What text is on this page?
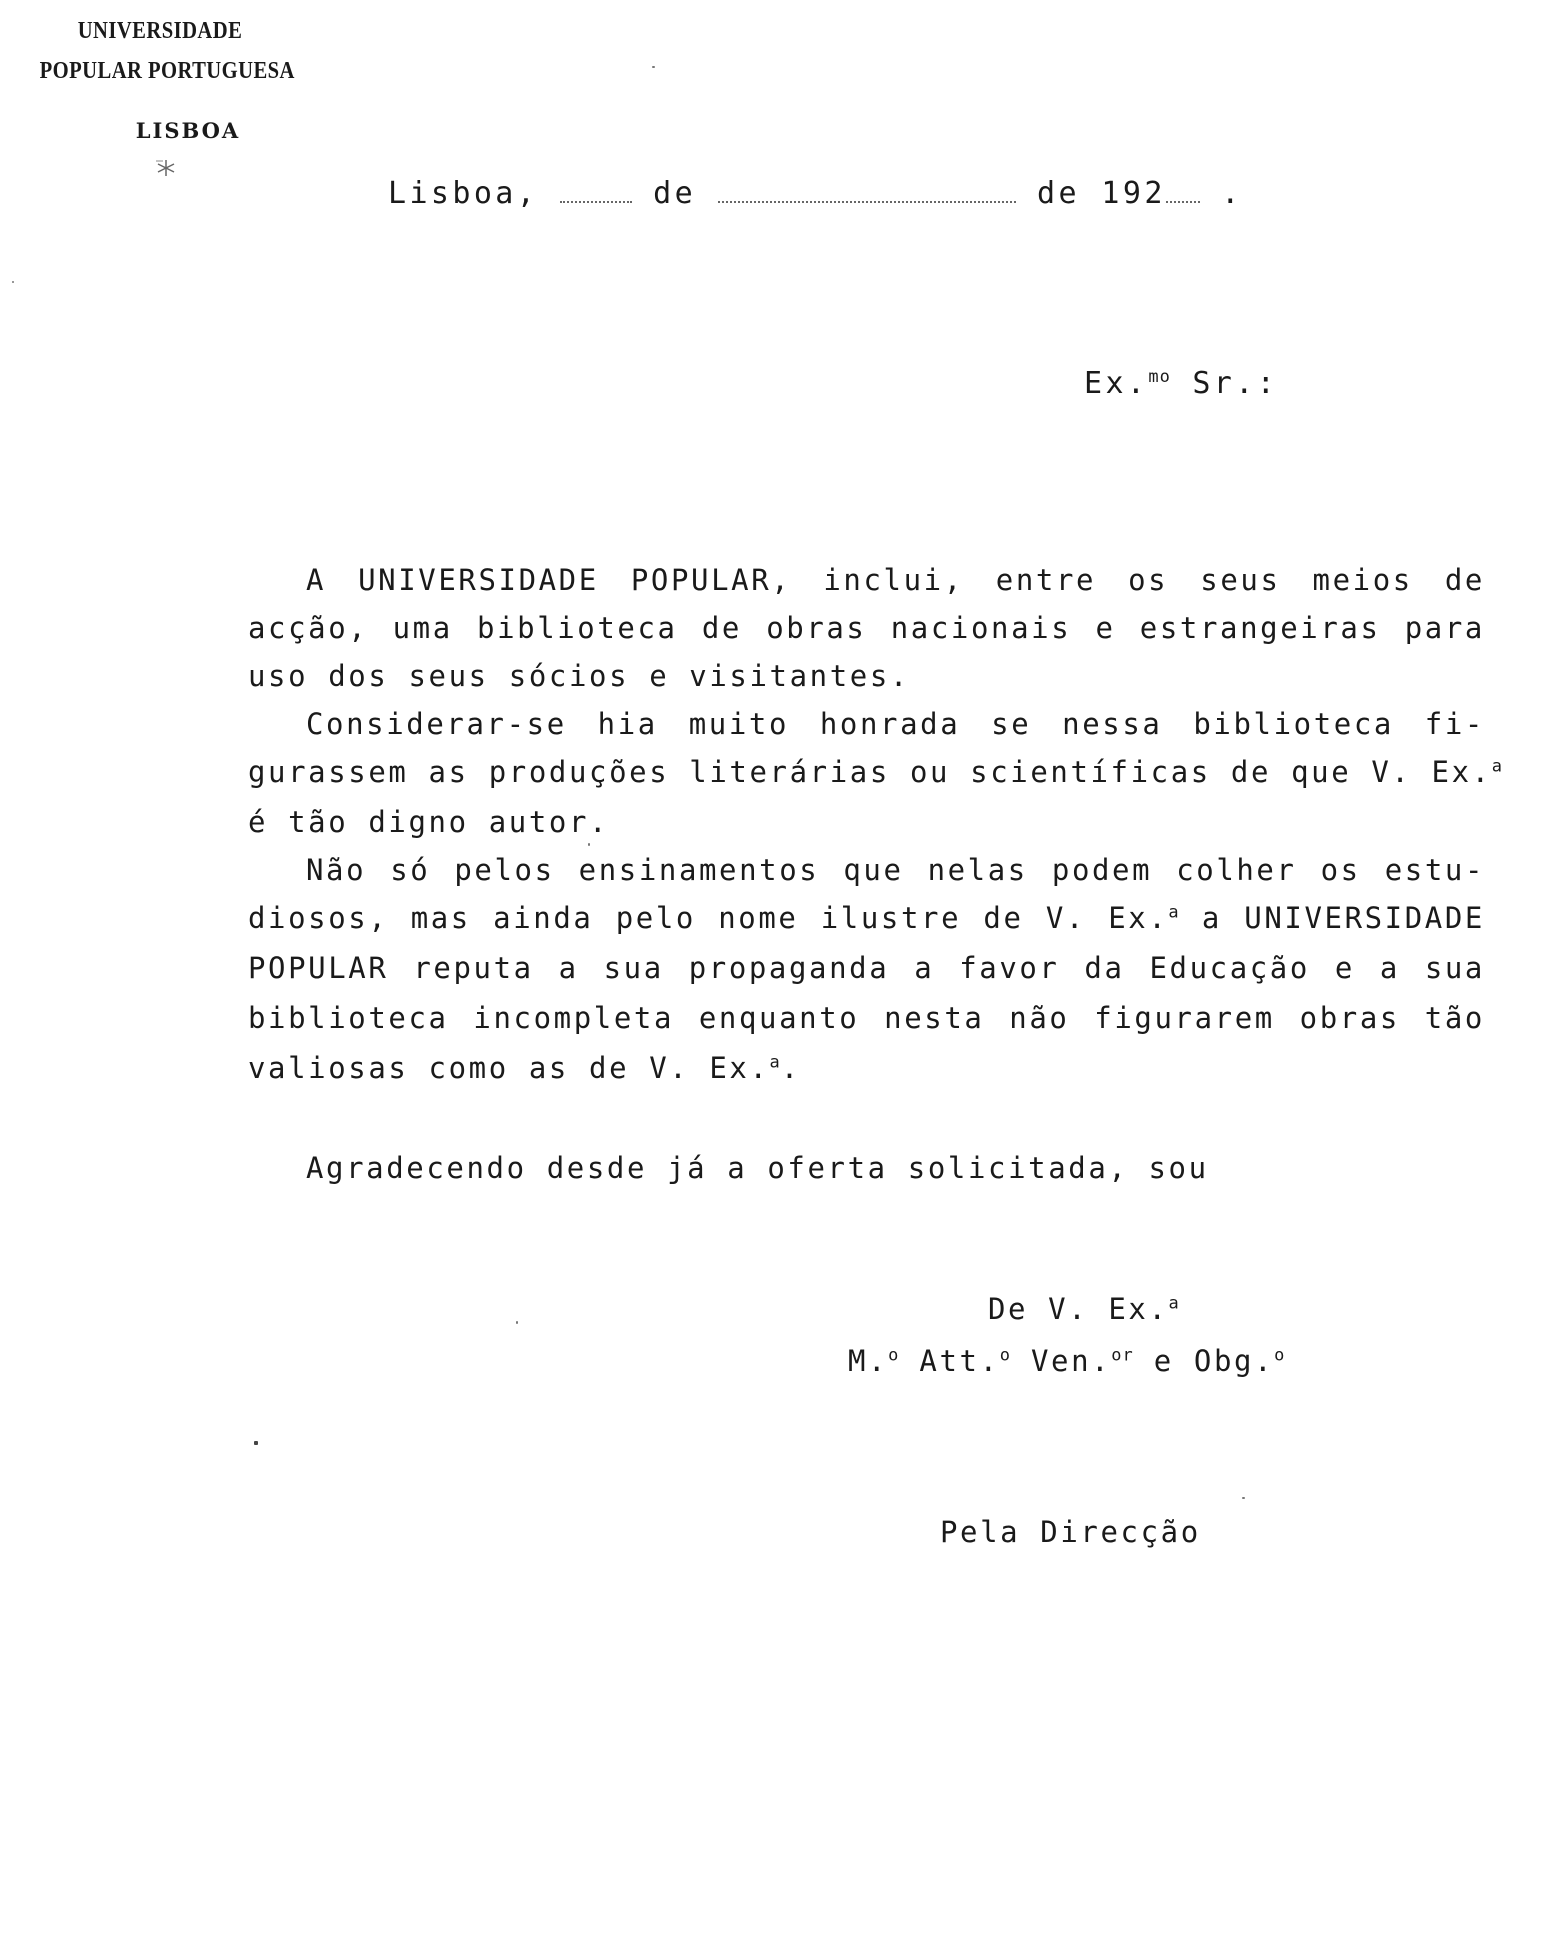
UNIVERSIDADE
POPULAR PORTUGUESA
LISBOA
Lisboa,	de	de 192 .
Ex.$^{mo}$ Sr.:
A UNIVERSIDADE POPULAR, inclui, entre os seus meios de
acção, uma biblioteca de obras nacionais e estrangeiras para
uso dos seus sócios e visitantes.
Considerar-se hia muito honrada se nessa biblioteca fi-
gurassem as produções literárias ou scientíficas de que V. Ex.$^a$
é tão digno autor.
Não só pelos ensinamentos que nelas podem colher os estu-
diosos, mas ainda pelo nome ilustre de V. Ex.$^a$ a UNIVERSIDADE
POPULAR reputa a sua propaganda a favor da Educação e a sua
biblioteca incompleta enquanto nesta não figurarem obras tão
valiosas como as de V. Ex.$^a$.
Agradecendo desde já a oferta solicitada, sou
De V. Ex.$^a$
M.$^o$ Att.$^o$ Ven.$^{or}$ e Obg.$^o$
Pela Direcção
